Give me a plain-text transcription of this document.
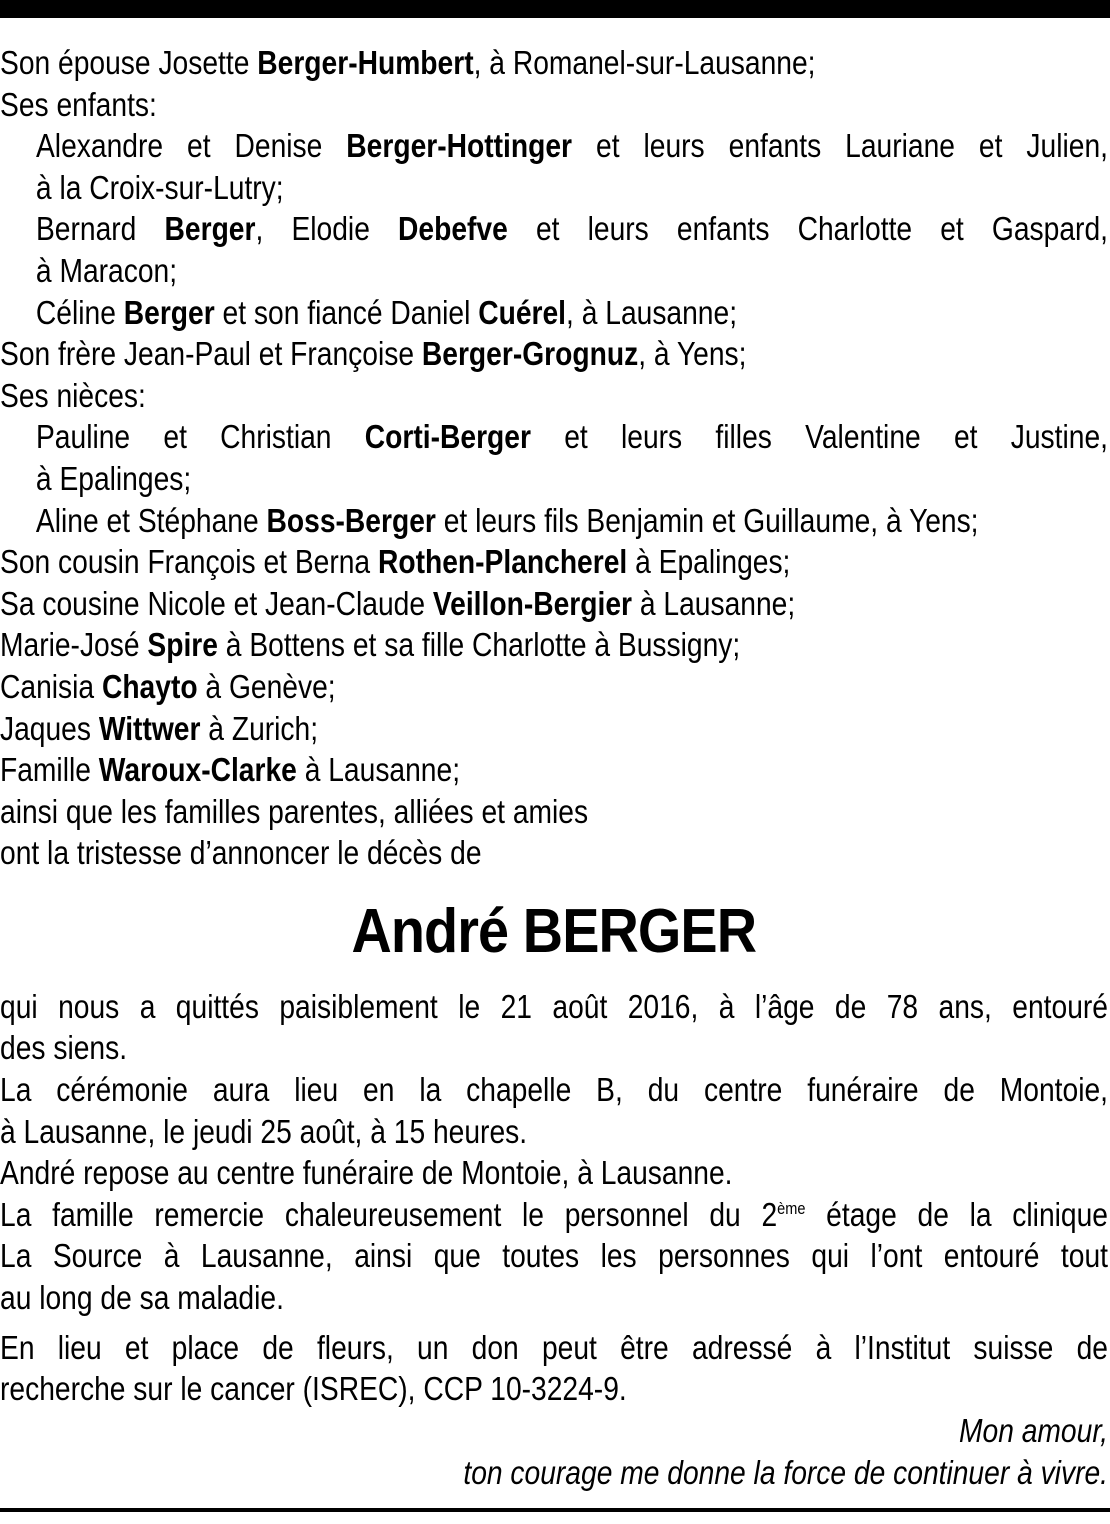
Son épouse Josette Berger-Humbert, à Romanel-sur-Lausanne;
Ses enfants:
Alexandre et Denise Berger-Hottinger et leurs enfants Lauriane et Julien,
à la Croix-sur-Lutry;
Bernard Berger, Elodie Debefve et leurs enfants Charlotte et Gaspard,
à Maracon;
Céline Berger et son fiancé Daniel Cuérel, à Lausanne;
Son frère Jean-Paul et Françoise Berger-Grognuz, à Yens;
Ses nièces:
Pauline et Christian Corti-Berger et leurs filles Valentine et Justine,
à Epalinges;
Aline et Stéphane Boss-Berger et leurs fils Benjamin et Guillaume, à Yens;
Son cousin François et Berna Rothen-Plancherel à Epalinges;
Sa cousine Nicole et Jean-Claude Veillon-Bergier à Lausanne;
Marie-José Spire à Bottens et sa fille Charlotte à Bussigny;
Canisia Chayto à Genève;
Jaques Wittwer à Zurich;
Famille Waroux-Clarke à Lausanne;
ainsi que les familles parentes, alliées et amies
ont la tristesse d’annoncer le décès de
André BERGER
qui nous a quittés paisiblement le 21 août 2016, à l’âge de 78 ans, entouré
des siens.
La cérémonie aura lieu en la chapelle B, du centre funéraire de Montoie,
à Lausanne, le jeudi 25 août, à 15 heures.
André repose au centre funéraire de Montoie, à Lausanne.
La famille remercie chaleureusement le personnel du 2ème étage de la clinique
La Source à Lausanne, ainsi que toutes les personnes qui l’ont entouré tout
au long de sa maladie.
En lieu et place de fleurs, un don peut être adressé à l’Institut suisse de
recherche sur le cancer (ISREC), CCP 10-3224-9.
Mon amour,
ton courage me donne la force de continuer à vivre.
